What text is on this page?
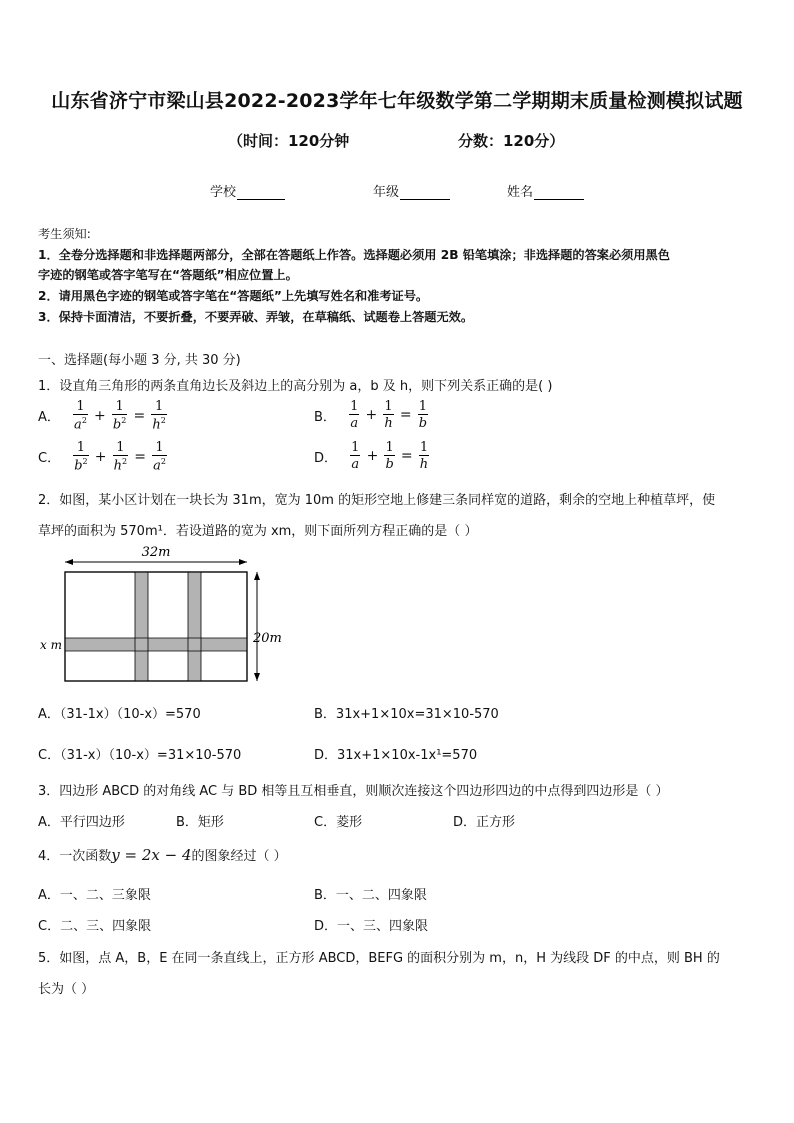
山东省济宁市梁山县2022-2023学年七年级数学第二学期期末质量检测模拟试题
（时间：120分钟	分数：120分）
学校	年级	姓名
考生须知:
1．全卷分选择题和非选择题两部分，全部在答题纸上作答。选择题必须用 2B 铅笔填涂；非选择题的答案必须用黑色
字迹的钢笔或答字笔写在“答题纸”相应位置上。
2．请用黑色字迹的钢笔或答字笔在“答题纸”上先填写姓名和准考证号。
3．保持卡面清洁，不要折叠，不要弄破、弄皱，在草稿纸、试题卷上答题无效。
一、选择题(每小题 3 分, 共 30 分)
1．设直角三角形的两条直角边长及斜边上的高分别为 a，b 及 h，则下列关系正确的是( )
A． $\frac{1}{a^2} + \frac{1}{b^2} = \frac{1}{h^2}$	B． $\frac{1}{a} + \frac{1}{h} = \frac{1}{b}$
C． $\frac{1}{b^2} + \frac{1}{h^2} = \frac{1}{a^2}$	D． $\frac{1}{a} + \frac{1}{b} = \frac{1}{h}$
2．如图，某小区计划在一块长为 31m，宽为 10m 的矩形空地上修建三条同样宽的道路，剩余的空地上种植草坪，使
草坪的面积为 570m¹．若设道路的宽为 xm，则下面所列方程正确的是（ ）
32m
20m
x m
A．（31-1x）（10-x）=570	B．31x+1×10x=31×10-570
C．（31-x）（10-x）=31×10-570	D．31x+1×10x-1x¹=570
3．四边形 ABCD 的对角线 AC 与 BD 相等且互相垂直，则顺次连接这个四边形四边的中点得到四边形是（ ）
A．平行四边形	B．矩形	C．菱形	D．正方形
4．一次函数y = 2x − 4的图象经过（ ）
A．一、二、三象限	B．一、二、四象限
C．二、三、四象限	D．一、三、四象限
5．如图，点 A，B，E 在同一条直线上，正方形 ABCD，BEFG 的面积分别为 m，n，H 为线段 DF 的中点，则 BH 的
长为（ ）
